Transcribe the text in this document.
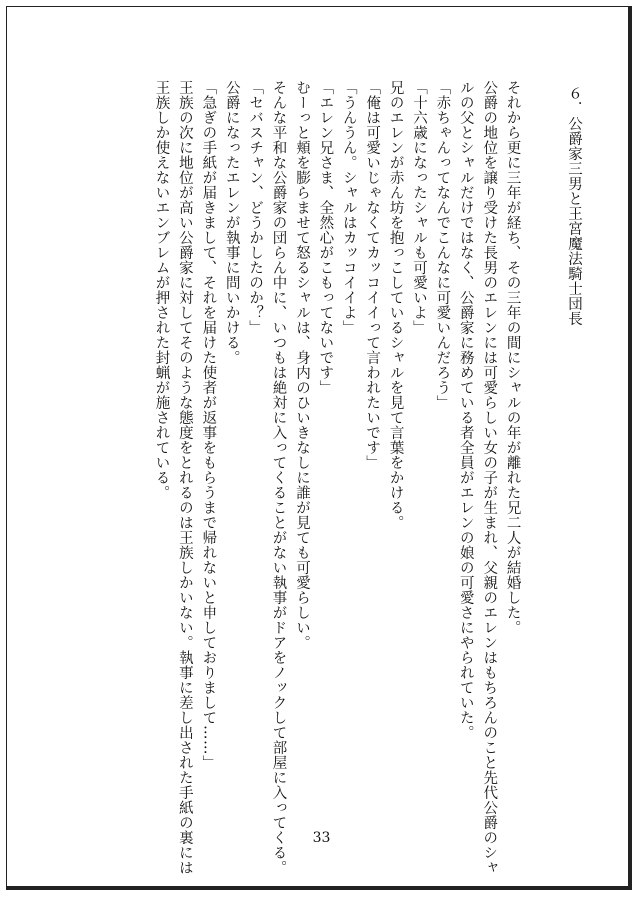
６．公爵家三男と王宮魔法騎士団長
それから更に三年が経ち、その三年の間にシャルの年が離れた兄二人が結婚した。
公爵の地位を譲り受けた長男のエレンには可愛らしい女の子が生まれ、父親のエレンはもちろんのこと先代公爵のシャ
ルの父とシャルだけではなく、公爵家に務めている者全員がエレンの娘の可愛さにやられていた。
「赤ちゃんってなんでこんなに可愛いんだろう」
「十六歳になったシャルも可愛いよ」
兄のエレンが赤ん坊を抱っこしているシャルを見て言葉をかける。
「俺は可愛いじゃなくてカッコイイって言われたいです」
「うんうん。シャルはカッコイイよ」
「エレン兄さま、全然心がこもってないです」
むーっと頬を膨らませて怒るシャルは、身内のひいきなしに誰が見ても可愛らしい。
そんな平和な公爵家の団らん中に、いつもは絶対に入ってくることがない執事がドアをノックして部屋に入ってくる。
「セバスチャン、どうかしたのか？」
公爵になったエレンが執事に問いかける。
「急ぎの手紙が届きまして、それを届けた使者が返事をもらうまで帰れないと申しておりまして……」
王族の次に地位が高い公爵家に対してそのような態度をとれるのは王族しかいない。執事に差し出された手紙の裏には
王族しか使えないエンブレムが押された封蝋が施されている。
33
